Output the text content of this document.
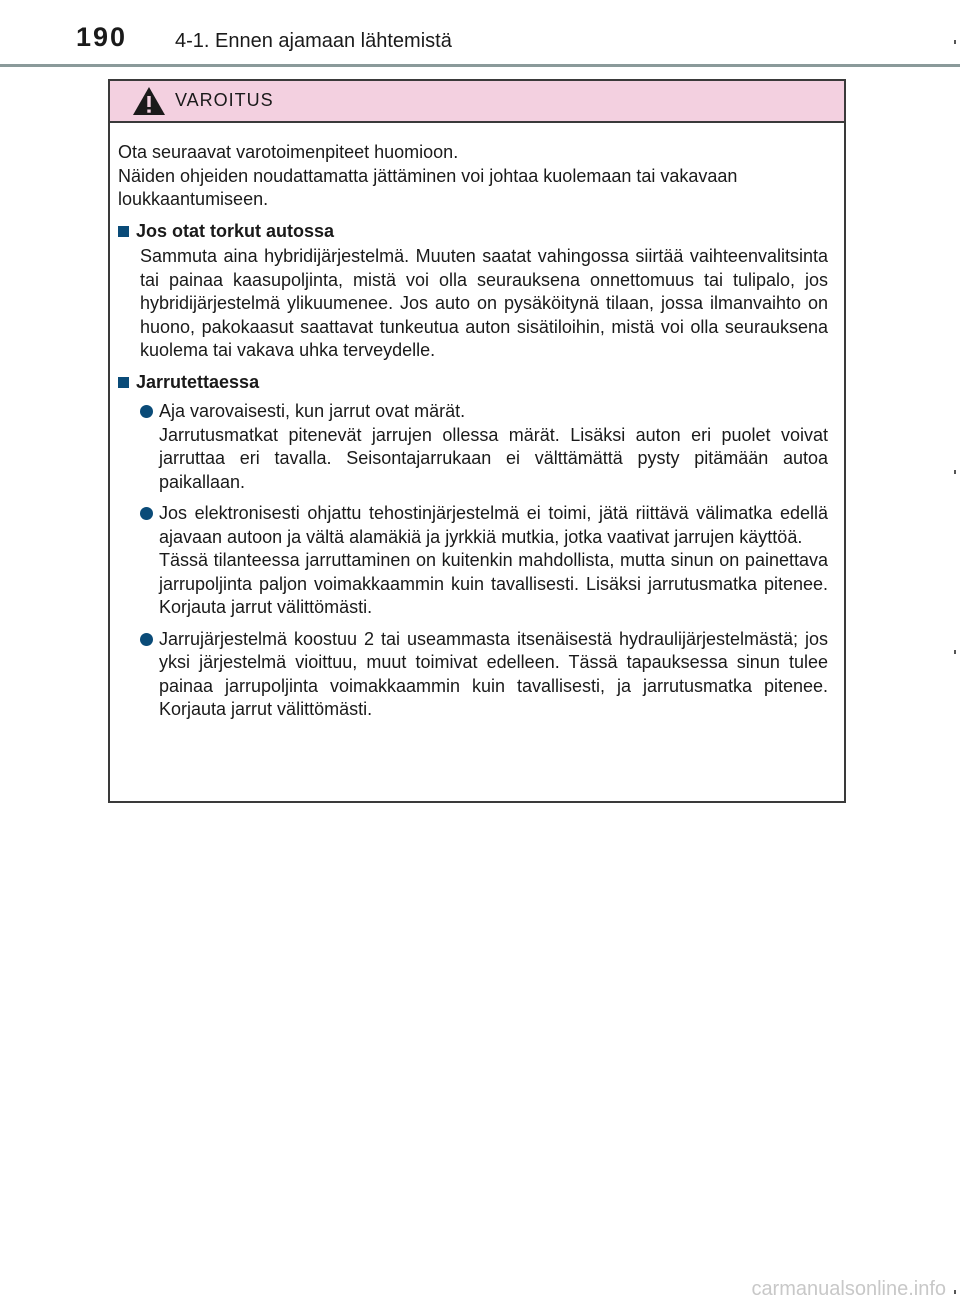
190 4-1. Ennen ajamaan lähtemistä
VAROITUS

Ota seuraavat varotoimenpiteet huomioon.

Näiden ohjeiden noudattamatta jättäminen voi johtaa kuolemaan tai vakavaan loukkaantumiseen.

Jos otat torkut autossa

Sammuta aina hybridijärjestelmä. Muuten saatat vahingossa siirtää vaihteenvalitsinta tai painaa kaasupoljinta, mistä voi olla seurauksena onnettomuus tai tulipalo, jos hybridijärjestelmä ylikuumenee. Jos auto on pysäköitynä tilaan, jossa ilmanvaihto on huono, pakokaasut saattavat tunkeutua auton sisätiloihin, mistä voi olla seurauksena kuolema tai vakava uhka terveydelle.

Jarrutettaessa

Aja varovaisesti, kun jarrut ovat märät.

Jarrutusmatkat pitenevät jarrujen ollessa märät. Lisäksi auton eri puolet voivat jarruttaa eri tavalla. Seisontajarrukaan ei välttämättä pysty pitämään autoa paikallaan.

Jos elektronisesti ohjattu tehostinjärjestelmä ei toimi, jätä riittävä välimatka edellä ajavaan autoon ja vältä alamäkiä ja jyrkkiä mutkia, jotka vaativat jarrujen käyttöä.

Tässä tilanteessa jarruttaminen on kuitenkin mahdollista, mutta sinun on painettava jarrupoljinta paljon voimakkaammin kuin tavallisesti. Lisäksi jarrutusmatka pitenee. Korjauta jarrut välittömästi.

Jarrujärjestelmä koostuu 2 tai useammasta itsenäisestä hydraulijärjestelmästä; jos yksi järjestelmä vioittuu, muut toimivat edelleen. Tässä tapauksessa sinun tulee painaa jarrupoljinta voimakkaammin kuin tavallisesti, ja jarrutusmatka pitenee. Korjauta jarrut välittömästi.

carmanualsonline.info
